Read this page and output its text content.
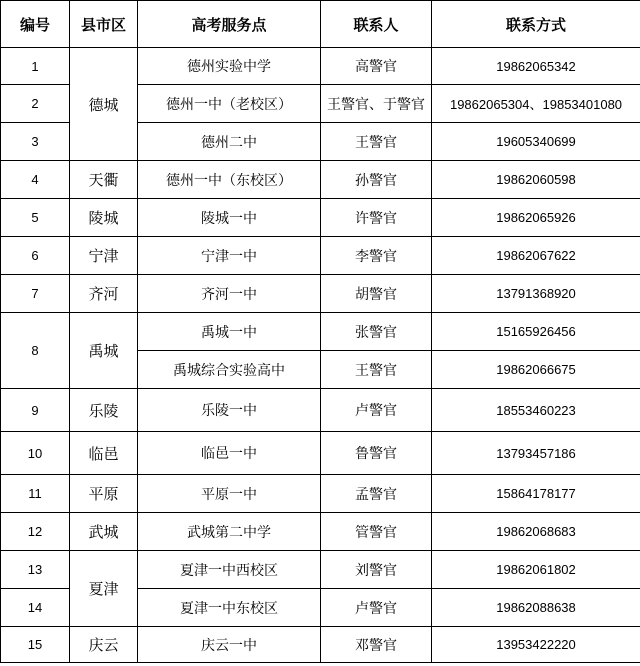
编号	县市区	高考服务点	联系人	联系方式
1	德城	德州实验中学	高警官	19862065342
2		德州一中（老校区）	王警官、于警官	19862065304、19853401080
3		德州二中	王警官	19605340699
4	天衢	德州一中（东校区）	孙警官	19862060598
5	陵城	陵城一中	许警官	19862065926
6	宁津	宁津一中	李警官	19862067622
7	齐河	齐河一中	胡警官	13791368920
8	禹城	禹城一中	张警官	15165926456
		禹城综合实验高中	王警官	19862066675
9	乐陵	乐陵一中	卢警官	18553460223
10	临邑	临邑一中	鲁警官	13793457186
11	平原	平原一中	孟警官	15864178177
12	武城	武城第二中学	管警官	19862068683
13	夏津	夏津一中西校区	刘警官	19862061802
14		夏津一中东校区	卢警官	19862088638
15	庆云	庆云一中	邓警官	13953422220
